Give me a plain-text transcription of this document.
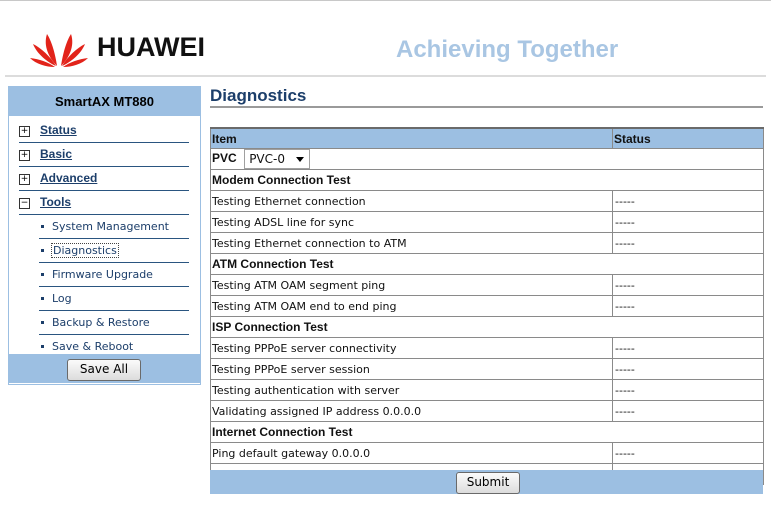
HUAWEI	Achieving Together
SmartAX MT880
+ Status
+ Basic
+ Advanced
− Tools
System Management
Diagnostics
Firmware Upgrade
Log
Backup & Restore
Save & Reboot
Save All
Diagnostics
Item	Status
PVC PVC-0	

Modem Connection Test	
Testing Ethernet connection	-----
Testing ADSL line for sync	-----
Testing Ethernet connection to ATM	-----
ATM Connection Test	
Testing ATM OAM segment ping	-----
Testing ATM OAM end to end ping	-----
ISP Connection Test	
Testing PPPoE server connectivity	-----
Testing PPPoE server session	-----
Testing authentication with server	-----
Validating assigned IP address 0.0.0.0	-----
Internet Connection Test	
Ping default gateway 0.0.0.0	-----

Submit
